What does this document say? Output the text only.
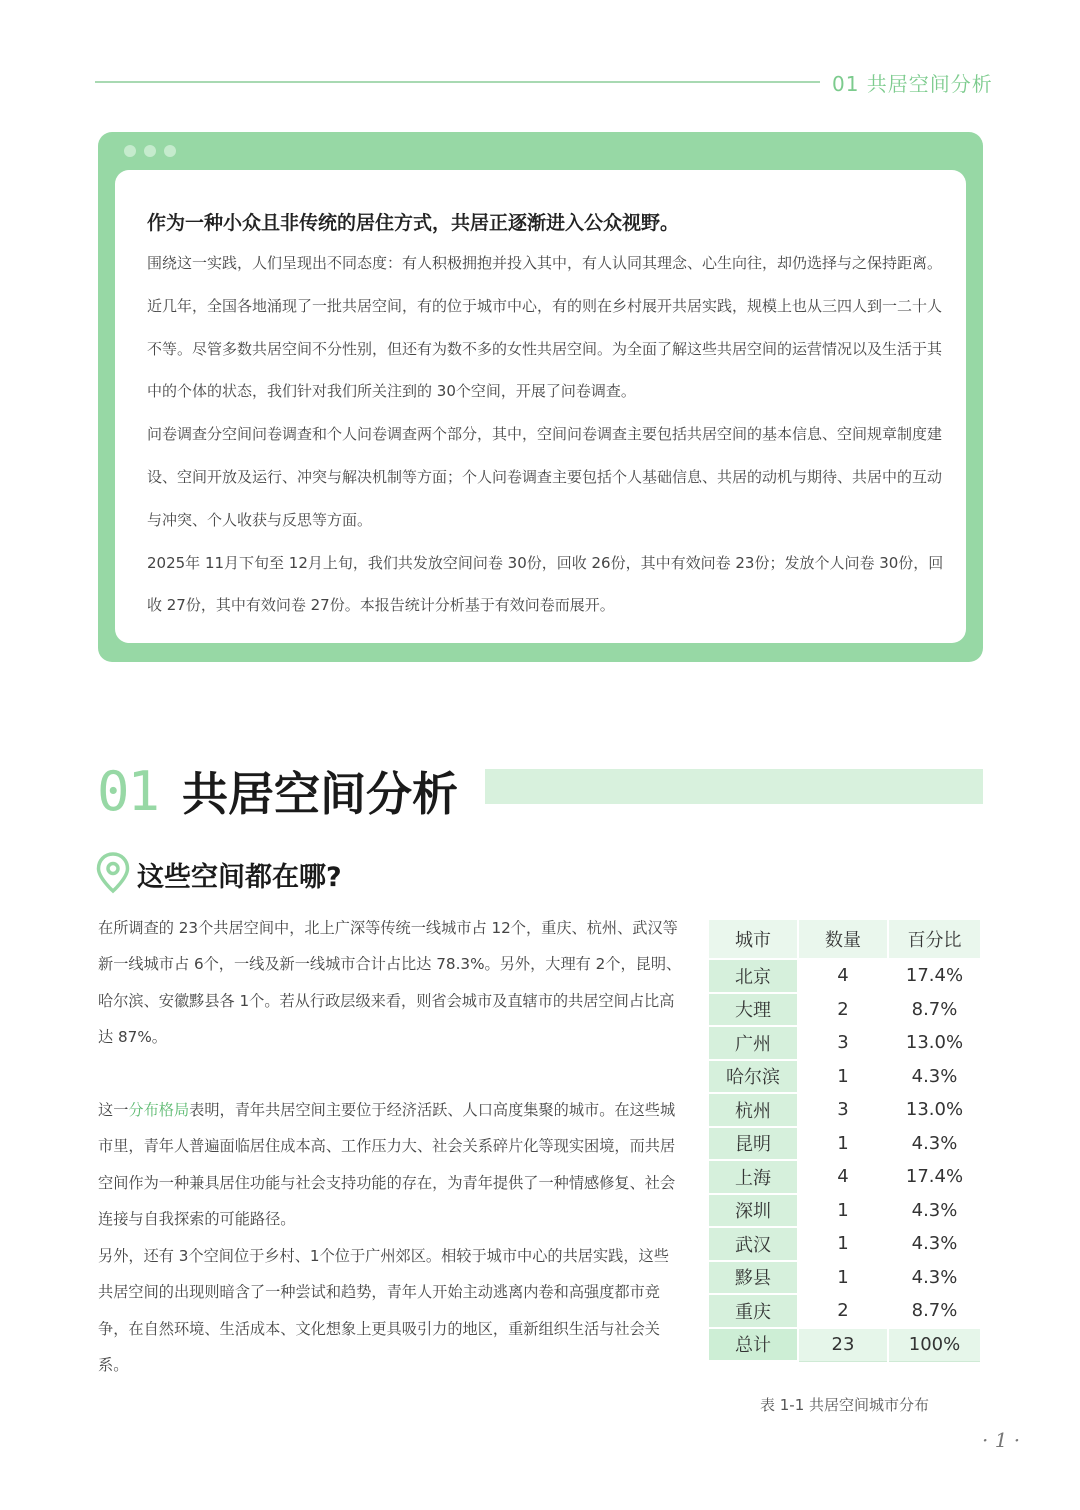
01 共居空间分析
作为一种小众且非传统的居住方式，共居正逐渐进入公众视野。

围绕这一实践，人们呈现出不同态度：有人积极拥抱并投入其中，有人认同其理念、心生向往，却仍选择与之保持距离。近几年，全国各地涌现了一批共居空间，有的位于城市中心，有的则在乡村展开共居实践，规模上也从三四人到一二十人不等。尽管多数共居空间不分性别，但还有为数不多的女性共居空间。为全面了解这些共居空间的运营情况以及生活于其中的个体的状态，我们针对我们所关注到的 30个空间，开展了问卷调查。

问卷调查分空间问卷调查和个人问卷调查两个部分，其中，空间问卷调查主要包括共居空间的基本信息、空间规章制度建设、空间开放及运行、冲突与解决机制等方面；个人问卷调查主要包括个人基础信息、共居的动机与期待、共居中的互动与冲突、个人收获与反思等方面。

2025年 11月下旬至 12月上旬，我们共发放空间问卷 30份，回收 26份，其中有效问卷 23份；发放个人问卷 30份，回收 27份，其中有效问卷 27份。本报告统计分析基于有效问卷而展开。

01 共居空间分析
这些空间都在哪?

在所调查的 23个共居空间中，北上广深等传统一线城市占 12个，重庆、杭州、武汉等新一线城市占 6个，一线及新一线城市合计占比达 78.3%。另外，大理有 2个，昆明、哈尔滨、安徽黟县各 1个。若从行政层级来看，则省会城市及直辖市的共居空间占比高达 87%。

这一分布格局表明，青年共居空间主要位于经济活跃、人口高度集聚的城市。在这些城市里，青年人普遍面临居住成本高、工作压力大、社会关系碎片化等现实困境，而共居空间作为一种兼具居住功能与社会支持功能的存在，为青年提供了一种情感修复、社会连接与自我探索的可能路径。

另外，还有 3个空间位于乡村、1个位于广州郊区。相较于城市中心的共居实践，这些共居空间的出现则暗含了一种尝试和趋势，青年人开始主动逃离内卷和高强度都市竞争，在自然环境、生活成本、文化想象上更具吸引力的地区，重新组织生活与社会关系。

城市	数量	百分比
北京	4	17.4%
大理	2	8.7%
广州	3	13.0%
哈尔滨	1	4.3%
杭州	3	13.0%
昆明	1	4.3%
上海	4	17.4%
深圳	1	4.3%
武汉	1	4.3%
黟县	1	4.3%
重庆	2	8.7%
总计	23	100%
表 1-1 共居空间城市分布
· 1 ·
